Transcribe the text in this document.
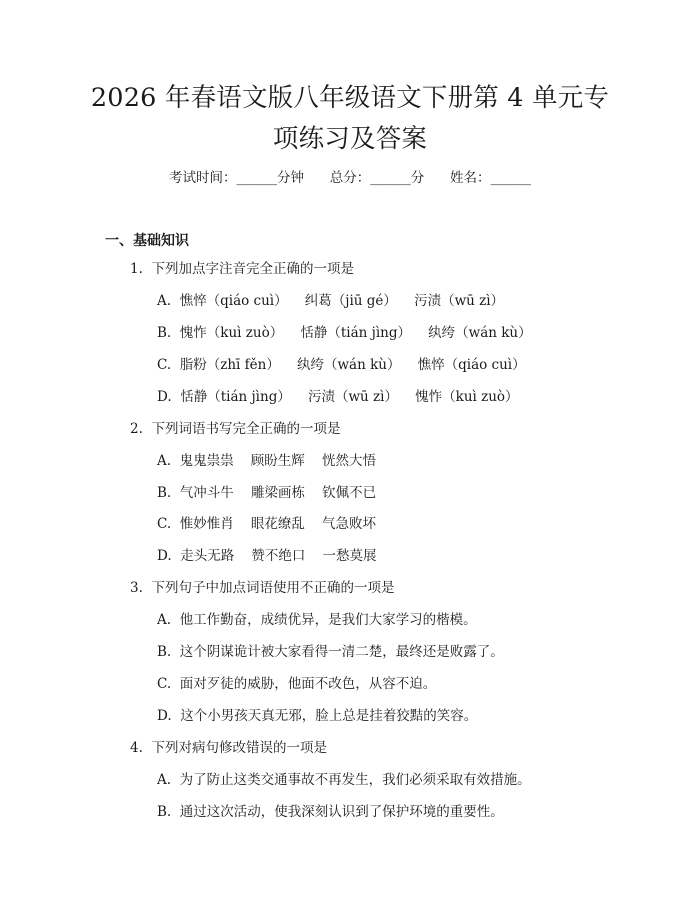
2026 年春语文版八年级语文下册第 4 单元专
项练习及答案
考试时间：______分钟      总分：______分      姓名：______
一、基础知识
1.  下列加点字注音完全正确的一项是
A.  憔悴（qiáo cuì）    纠葛（jiū gé）    污渍（wū zì）
B.  愧怍（kuì zuò）    恬静（tián jìng）    纨绔（wán kù）
C.  脂粉（zhī fěn）    纨绔（wán kù）    憔悴（qiáo cuì）
D.  恬静（tián jìng）    污渍（wū zì）    愧怍（kuì zuò）
2.  下列词语书写完全正确的一项是
A.  鬼鬼祟祟    顾盼生辉    恍然大悟
B.  气冲斗牛    雕梁画栋    钦佩不已
C.  惟妙惟肖    眼花缭乱    气急败坏
D.  走头无路    赞不绝口    一愁莫展
3.  下列句子中加点词语使用不正确的一项是
A.  他工作勤奋，成绩优异，是我们大家学习的楷模。
B.  这个阴谋诡计被大家看得一清二楚，最终还是败露了。
C.  面对歹徒的威胁，他面不改色，从容不迫。
D.  这个小男孩天真无邪，脸上总是挂着狡黠的笑容。
4.  下列对病句修改错误的一项是
A.  为了防止这类交通事故不再发生，我们必须采取有效措施。
B.  通过这次活动，使我深刻认识到了保护环境的重要性。
